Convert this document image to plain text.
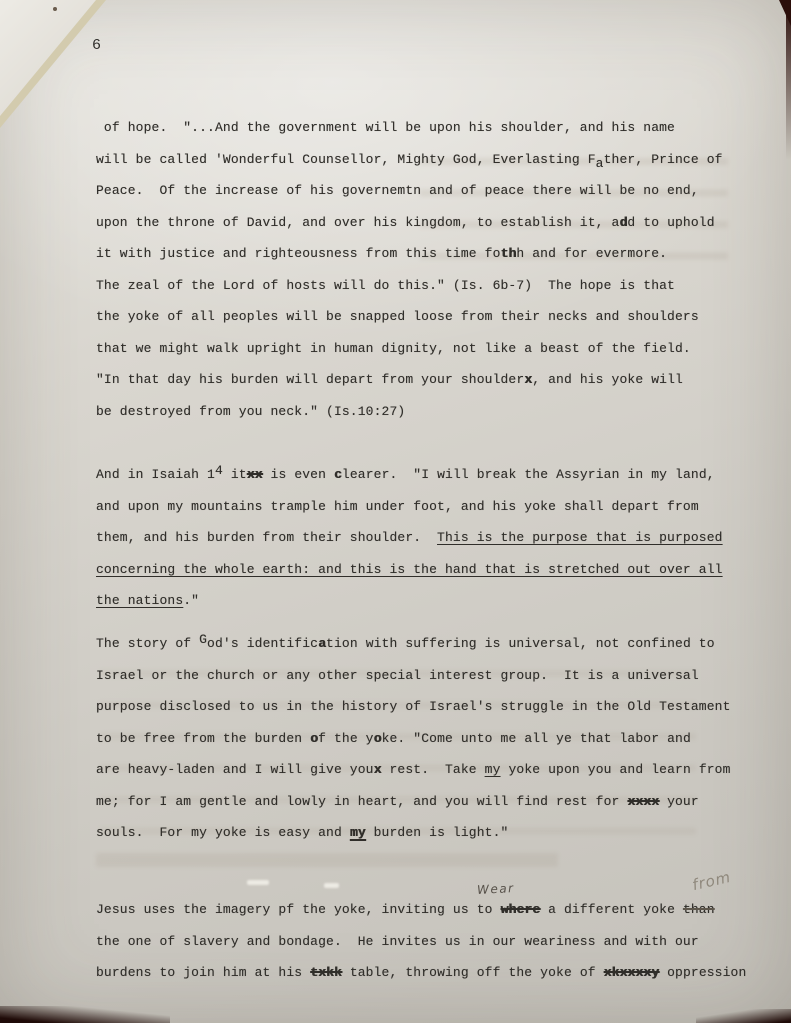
6
of hope.  "...And the government will be upon his shoulder, and his name
will be called 'Wonderful Counsellor, Mighty God, Everlasting Father, Prince of
Peace.  Of the increase of his governemtn and of peace there will be no end,
upon the throne of David, and over his kingdom, to establish it, add to uphold
it with justice and righteousness from this time fothh and for evermore.
The zeal of the Lord of hosts will do this." (Is. 6b-7)  The hope is that
the yoke of all peoples will be snapped loose from their necks and shoulders
that we might walk upright in human dignity, not like a beast of the field.
"In that day his burden will depart from your shoulderx, and his yoke will
be destroyed from you neck." (Is.10:27)
And in Isaiah 14 itxx is even clearer.  "I will break the Assyrian in my land,
and upon my mountains trample him under foot, and his yoke shall depart from
them, and his burden from their shoulder.  This is the purpose that is purposed
concerning the whole earth: and this is the hand that is stretched out over all
the nations."
The story of God's identification with suffering is universal, not confined to
Israel or the church or any other special interest group.  It is a universal
purpose disclosed to us in the history of Israel's struggle in the Old Testament
to be free from the burden of the yoke. "Come unto me all ye that labor and
are heavy-laden and I will give youx rest.  Take my yoke upon you and learn from
me; for I am gentle and lowly in heart, and you will find rest for xxxx your
souls.  For my yoke is easy and my burden is light."
Jesus uses the imagery pf the yoke, inviting us to where a different yoke than
the one of slavery and bondage.  He invites us in our weariness and with our
burdens to join him at his txkk table, throwing off the yoke of xkxxxxy oppression
Wear	from
